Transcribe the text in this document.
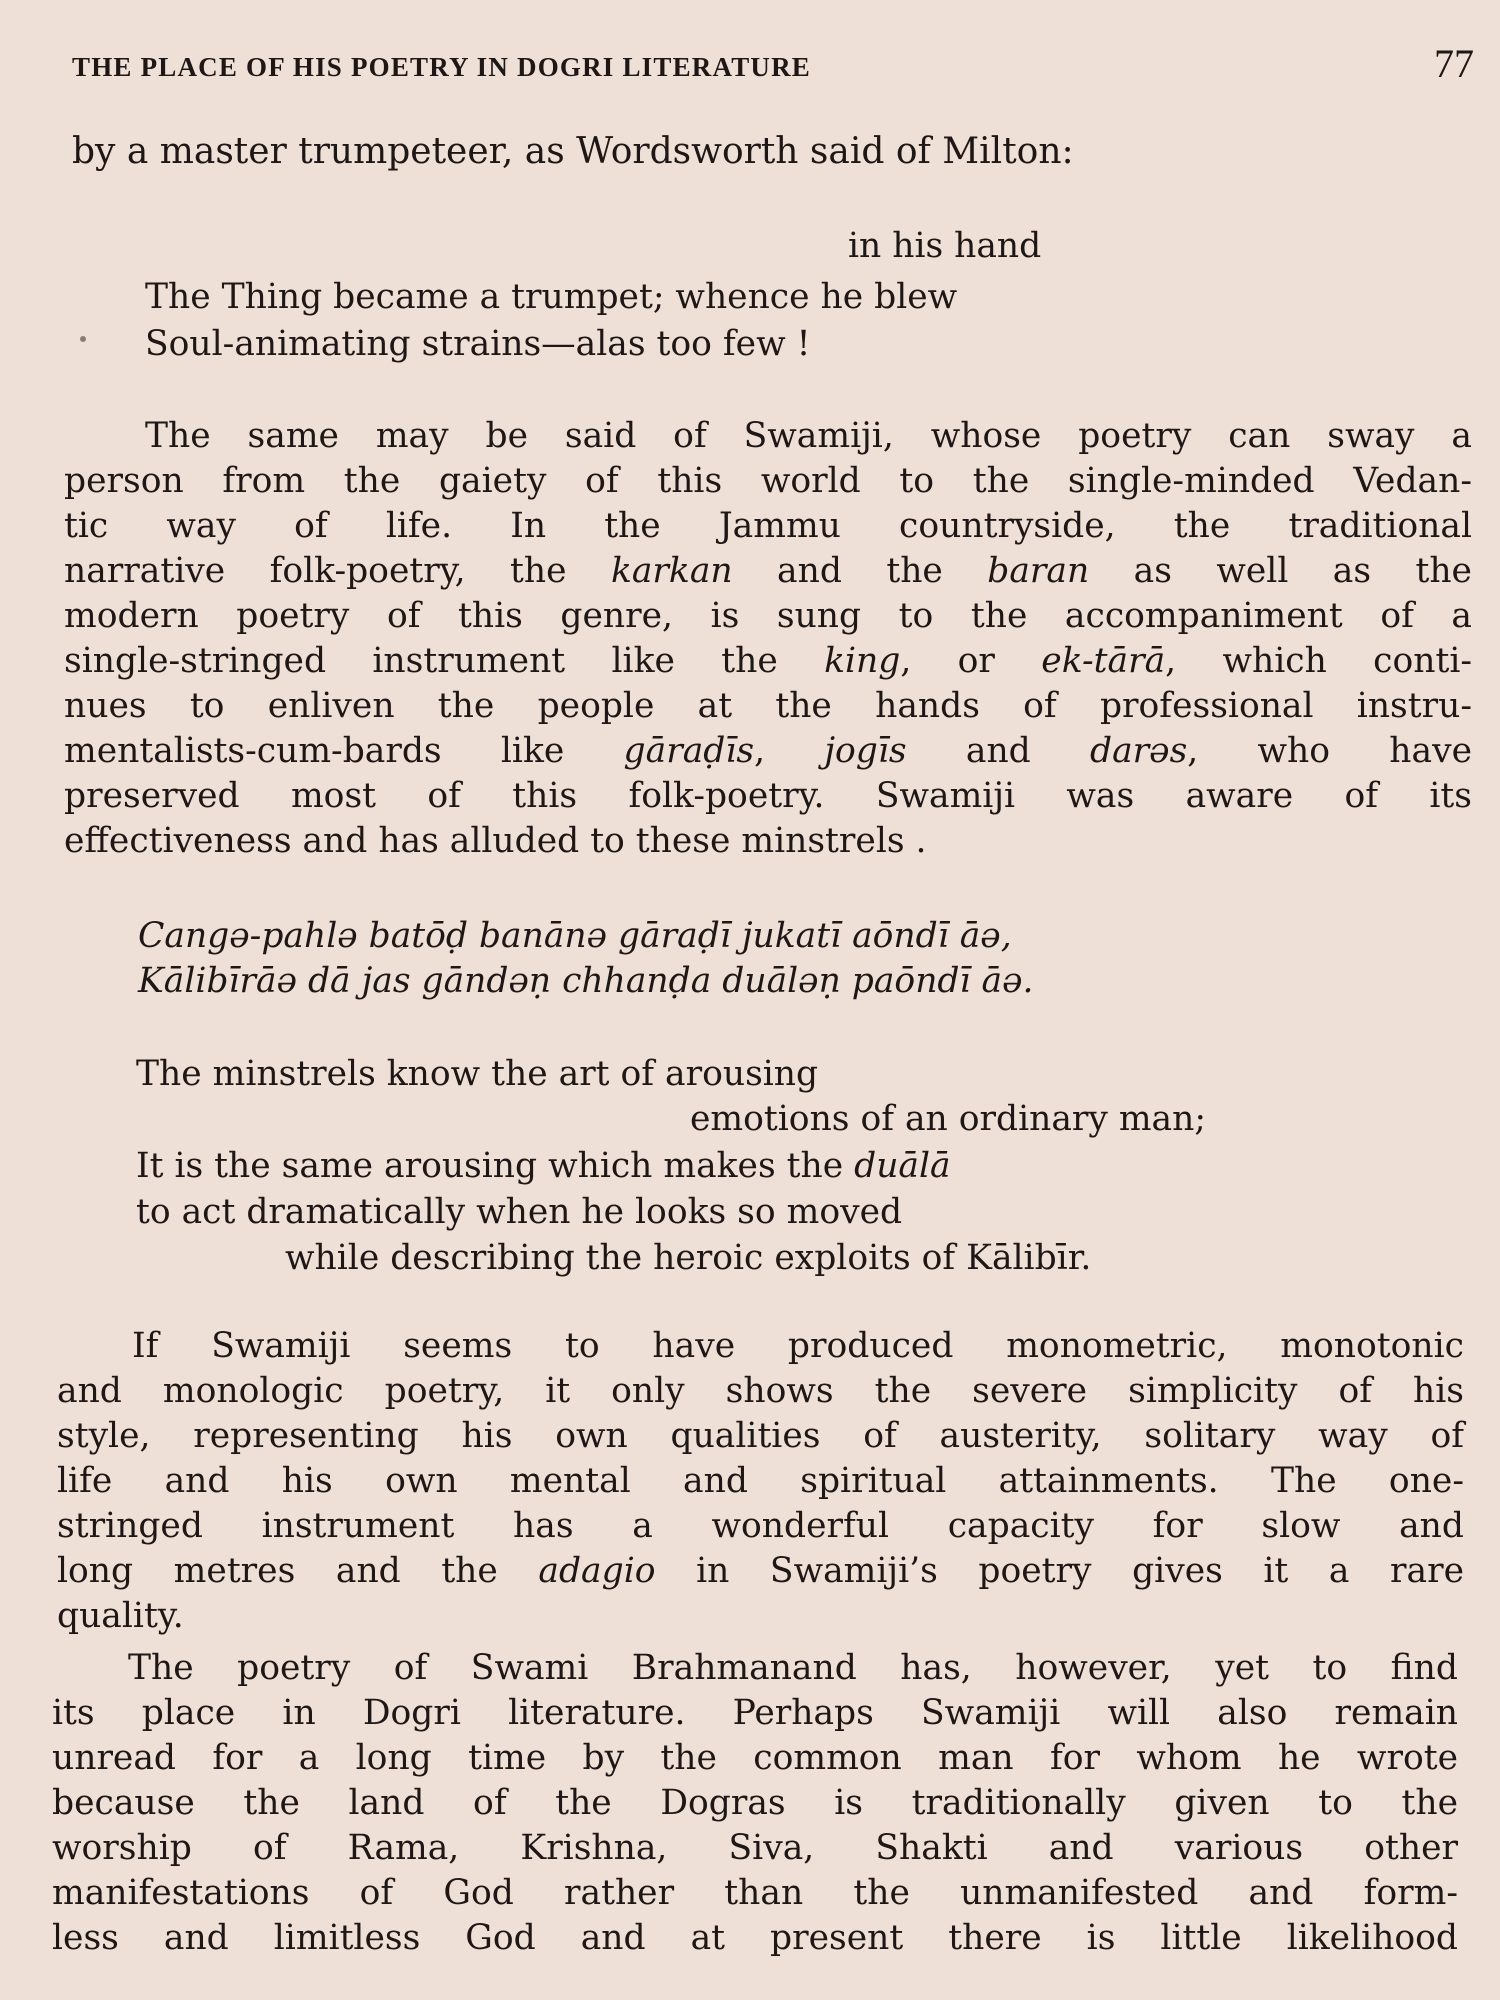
THE PLACE OF HIS POETRY IN DOGRI LITERATURE	77
by a master trumpeteer, as Wordsworth said of Milton:
in his hand
The Thing became a trumpet; whence he blew
Soul-animating strains—alas too few !
The same may be said of Swamiji, whose poetry can sway a
person from the gaiety of this world to the single-minded Vedan-
tic way of life. In the Jammu countryside, the traditional
narrative folk-poetry, the karkan and the baran as well as the
modern poetry of this genre, is sung to the accompaniment of a
single-stringed instrument like the king, or ek-tārā, which conti-
nues to enliven the people at the hands of professional instru-
mentalists-cum-bards like gāraḍīs, jogīs and darəs, who have
preserved most of this folk-poetry. Swamiji was aware of its
effectiveness and has alluded to these minstrels .
Cangə-pahlə batōḍ banānə gāraḍī jukatī aōndī āə,
Kālibīrāə dā jas gāndəṇ chhanḍa duāləṇ paōndī āə.
The minstrels know the art of arousing
emotions of an ordinary man;
It is the same arousing which makes the duālā
to act dramatically when he looks so moved
while describing the heroic exploits of Kālibīr.
If Swamiji seems to have produced monometric, monotonic
and monologic poetry, it only shows the severe simplicity of his
style, representing his own qualities of austerity, solitary way of
life and his own mental and spiritual attainments. The one-
stringed instrument has a wonderful capacity for slow and
long metres and the adagio in Swamiji’s poetry gives it a rare
quality.
The poetry of Swami Brahmanand has, however, yet to find
its place in Dogri literature. Perhaps Swamiji will also remain
unread for a long time by the common man for whom he wrote
because the land of the Dogras is traditionally given to the
worship of Rama, Krishna, Siva, Shakti and various other
manifestations of God rather than the unmanifested and form-
less and limitless God and at present there is little likelihood
